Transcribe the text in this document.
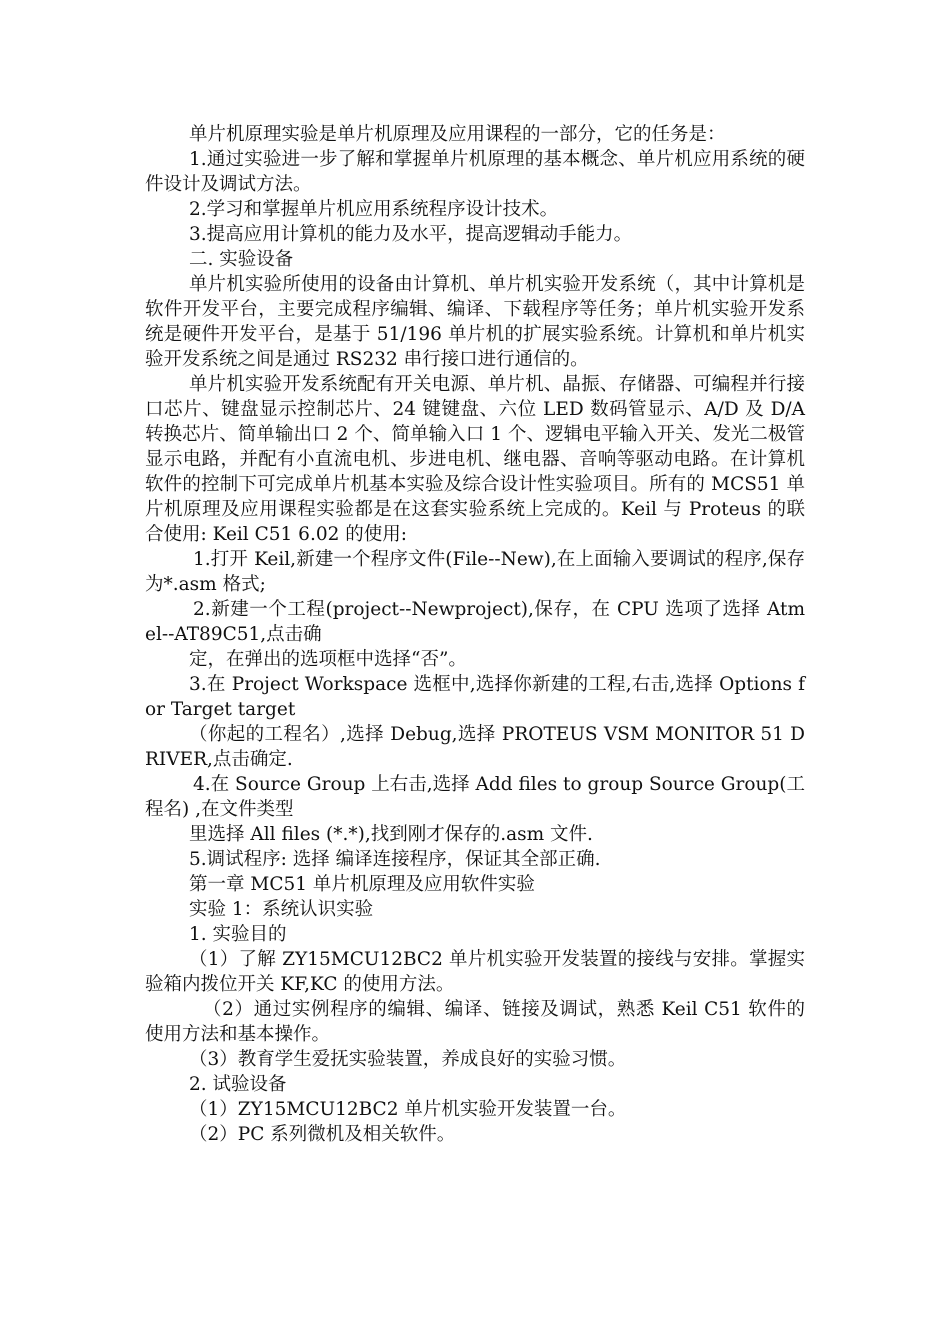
单片机原理实验是单片机原理及应用课程的一部分，它的任务是：

1.通过实验进一步了解和掌握单片机原理的基本概念、单片机应用系统的硬件设计及调试方法。

2.学习和掌握单片机应用系统程序设计技术。

3.提高应用计算机的能力及水平，提高逻辑动手能力。

二. 实验设备

单片机实验所使用的设备由计算机、单片机实验开发系统（，其中计算机是软件开发平台，主要完成程序编辑、编译、下载程序等任务；单片机实验开发系统是硬件开发平台，是基于 51/196 单片机的扩展实验系统。计算机和单片机实验开发系统之间是通过 RS232 串行接口进行通信的。

单片机实验开发系统配有开关电源、单片机、晶振、存储器、可编程并行接口芯片、键盘显示控制芯片、24 键键盘、六位 LED 数码管显示、A/D 及 D/A 转换芯片、简单输出口 2 个、简单输入口 1 个、逻辑电平输入开关、发光二极管显示电路，并配有小直流电机、步进电机、继电器、音响等驱动电路。在计算机软件的控制下可完成单片机基本实验及综合设计性实验项目。所有的 MCS51 单片机原理及应用课程实验都是在这套实验系统上完成的。Keil 与 Proteus 的联合使用: Keil C51 6.02 的使用:

1.打开 Keil,新建一个程序文件(File--New),在上面输入要调试的程序,保存为*.asm 格式;

2.新建一个工程(project--Newproject),保存，在 CPU 选项了选择 Atmel--AT89C51,点击确

定，在弹出的选项框中选择“否”。

3.在 Project Workspace 选框中,选择你新建的工程,右击,选择 Options for Target target

（你起的工程名）,选择 Debug,选择 PROTEUS VSM MONITOR 51 DRIVER,点击确定.

4.在 Source Group 上右击,选择 Add files to group Source Group(工程名) ,在文件类型

里选择 All files (*.*),找到刚才保存的.asm 文件.

5.调试程序: 选择 编译连接程序，保证其全部正确.

第一章 MC51 单片机原理及应用软件实验

实验 1：系统认识实验

1. 实验目的

（1）了解 ZY15MCU12BC2 单片机实验开发装置的接线与安排。掌握实验箱内拨位开关 KF,KC 的使用方法。

（2）通过实例程序的编辑、编译、链接及调试，熟悉 Keil C51 软件的使用方法和基本操作。

（3）教育学生爱抚实验装置，养成良好的实验习惯。

2. 试验设备

（1）ZY15MCU12BC2 单片机实验开发装置一台。

（2）PC 系列微机及相关软件。
